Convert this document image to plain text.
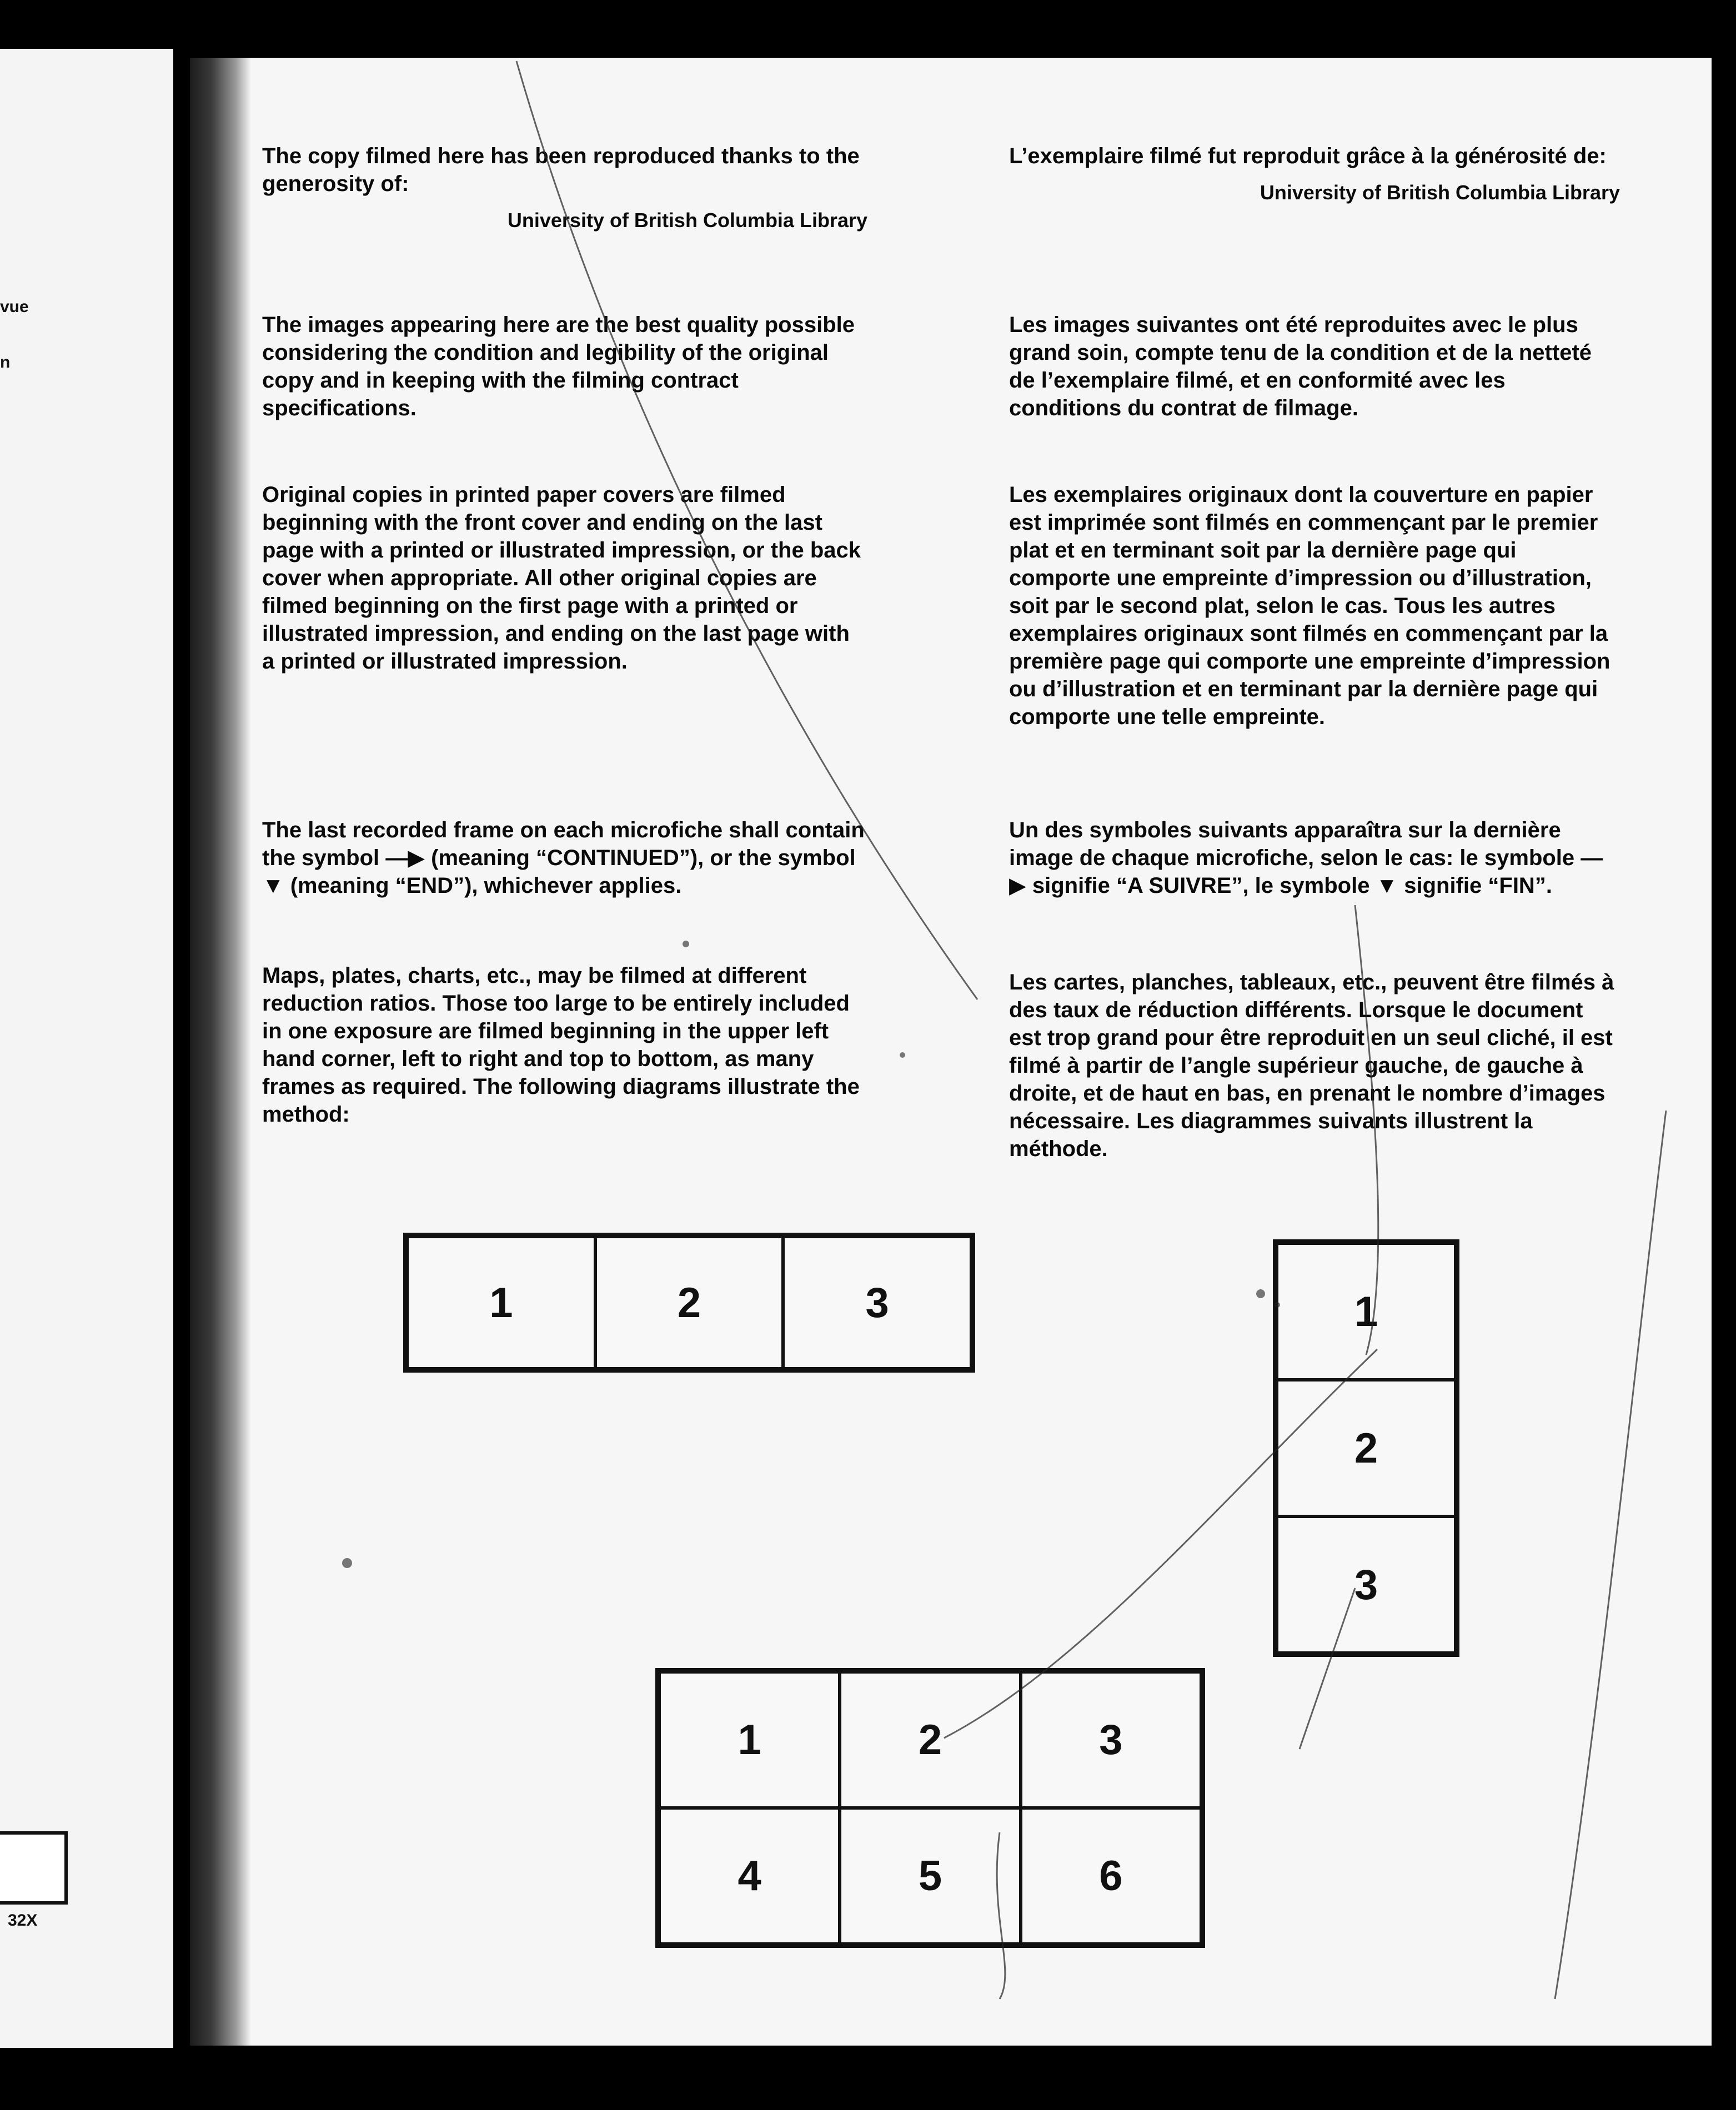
vue
n
32X

The copy filmed here has been reproduced thanks to the generosity of:

University of British Columbia Library

The images appearing here are the best quality possible considering the condition and legibility of the original copy and in keeping with the filming contract specifications.
Original copies in printed paper covers are filmed beginning with the front cover and ending on the last page with a printed or illustrated impression, or the back cover when appropriate. All other original copies are filmed beginning on the first page with a printed or illustrated impression, and ending on the last page with a printed or illustrated impression.
The last recorded frame on each microfiche shall contain the symbol —▶ (meaning “CONTINUED”), or the symbol ▼ (meaning “END”), whichever applies.
Maps, plates, charts, etc., may be filmed at different reduction ratios. Those too large to be entirely included in one exposure are filmed beginning in the upper left hand corner, left to right and top to bottom, as many frames as required. The following diagrams illustrate the method:

L’exemplaire filmé fut reproduit grâce à la générosité de:

University of British Columbia Library

Les images suivantes ont été reproduites avec le plus grand soin, compte tenu de la condition et de la netteté de l’exemplaire filmé, et en conformité avec les conditions du contrat de filmage.
Les exemplaires originaux dont la couverture en papier est imprimée sont filmés en commençant par le premier plat et en terminant soit par la dernière page qui comporte une empreinte d’impression ou d’illustration, soit par le second plat, selon le cas. Tous les autres exemplaires originaux sont filmés en commençant par la première page qui comporte une empreinte d’impression ou d’illustration et en terminant par la dernière page qui comporte une telle empreinte.
Un des symboles suivants apparaîtra sur la dernière image de chaque microfiche, selon le cas: le symbole —▶ signifie “A SUIVRE”, le symbole ▼ signifie “FIN”.
Les cartes, planches, tableaux, etc., peuvent être filmés à des taux de réduction différents. Lorsque le document est trop grand pour être reproduit en un seul cliché, il est filmé à partir de l’angle supérieur gauche, de gauche à droite, et de haut en bas, en prenant le nombre d’images nécessaire. Les diagrammes suivants illustrent la méthode.
1	2	3	1
2
3
1	2	3
4	5	6
